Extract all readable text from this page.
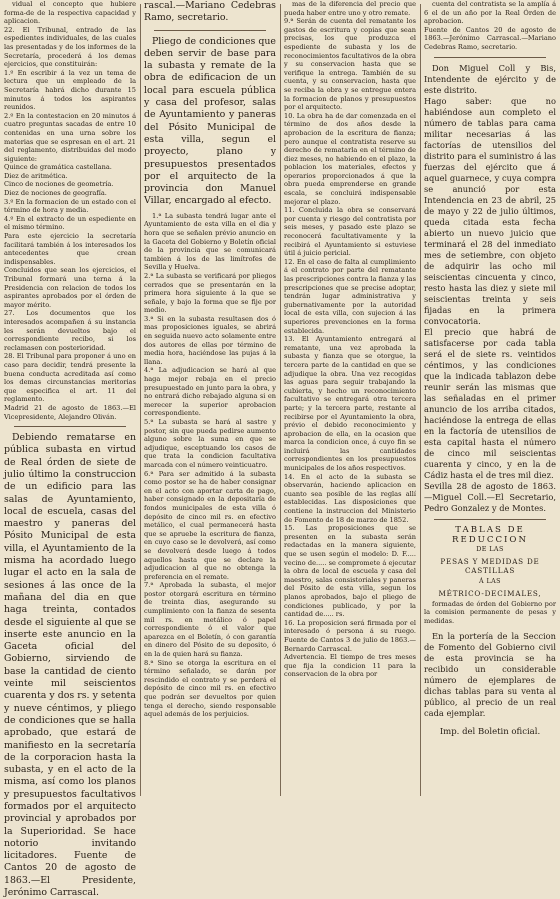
vidual el concepto que hubiere forma-de de la respectiva capacidad y aplicacion.
22. El Tribunal, entrado de las espedientes individuales, de las cuales las presentadas y de los informes de la Secretaría, procederá á los demas ejercicios, que constituirán:
1.º En escribir á la vez un tema de lectura que un empleado de la Secretaría habrá dicho durante 15 minutos á todos los aspirantes reunidos.
2.º En la contestacion en 20 minutos á cuatro preguntas sacadas de entre 10 contenidas en una urna sobre los materias que se espresan en el art. 21 del reglamento, distribuidas del modo siguiente:
Quince de gramática castellana.
Diez de aritmética.
Cinco de nociones de geometría.
Diez de nociones de geografía.
3.º En la formacion de un estado con el término de hora y media.
4.º En el extracto de un espediente en el mismo término.
Para este ejercicio la secretaría facilitará también á los interesados los antecedentes que crean indispensables.
Concluidos que sean los ejercicios, el Tribunal formará una terna á la Presidencia con relacion de todos los aspirantes aprobados por el órden de mayor mérito.
27. Los documentos que los interesados acompañen á su instancia les serán devueltos bajo el correspondiente recibo, si los reclamasen con posterioridad.
28. El Tribunal para proponer á uno en caso para decidir, tendrá presente la buena conducta acreditada así como los demas circunstancias meritorias que especifica el art. 11 del reglamento.
Madrid 21 de agosto de 1863.—El Vicepresidente, Alejandro Oliván.

Debiendo rematarse en pública subasta en virtud de Real órden de siete de julio último la construccion de un edificio para las salas de Ayuntamiento, local de escuela, casas del maestro y paneras del Pósito Municipal de esta villa, el Ayuntamiento de la misma ha acordado luego lugar el acto en la sala de sesiones á las once de la mañana del dia en que haga treinta, contados desde el siguiente al que se inserte este anuncio en la Gaceta oficial del Gobierno, sirviendo de base la cantidad de ciento veinte mil seiscientos cuarenta y dos rs. y setenta y nueve céntimos, y pliego de condiciones que se halla aprobado, que estará de manifiesto en la secretaría de la corporacion hasta la subasta, y en el acto de la misma, así como los planos y presupuestos facultativos formados por el arquitecto provincial y aprobados por la Superioridad. Se hace notorio invitando licitadores. Fuente de Cantos 20 de agosto de 1863.—El Presidente, Jerónimo Carrascal.

rascal.—Mariano Cedebras Ramo, secretario.

Pliego de condiciones que deben servir de base para la subasta y remate de la obra de edificacion de un local para escuela pública y casa del profesor, salas de Ayuntamiento y paneras del Pósito Municipal de esta villa, segun el proyecto, plano y presupuestos presentados por el arquitecto de la provincia don Manuel Villar, encargado al efecto.

1.ª La subasta tendrá lugar ante el Ayuntamiento de esta villa en el dia y hora que se señalen prévio anuncio en la Gaceta del Gobierno y Boletín oficial de la provincia que se comunicará tambien á los de las limítrofes de Sevilla y Huelva.
2.ª La subasta se verificará por pliegos cerrados que se presentarán en la primera hora siguiente á la que se señale, y bajo la forma que se fije por medio.
3.ª Si en la subasta resultasen dos ó mas proposiciones iguales, se abrirá en seguida nuevo acto solamente entre dos autores de ellas por término de media hora, haciéndose las pujas á la llana.
4.ª La adjudicacion se hará al que haga mejor rebaja en el precio presupuestado en junto para la obra, y no entrará dicho rebajado alguna si en merecer la superior aprobacion correspondiente.
5.ª La subasta se hará al sastre y postor, sin que pueda pedirse aumento alguno sobre la suma en que se adjudique, esceptuando los casos de que trata la condicion facultativa marcada con el número veinticuatro.
6.ª Para ser admitido á la subasta como postor se ha de haber consignar en el acto con aportar carta de pago, haber consignado en la depositaría de fondos municipales de esta villa ó depósito de cinco mil rs. en efectivo metálico, el cual permanecerá hasta que se apruebe la escritura de fianza, en cuyo caso se le devolverá, así como se devolverá desde luego á todos aquellos hasta que se declare la adjudicacion al que no obtenga la preferencia en el remate.
7.ª Aprobada la subasta, el mejor postor otorgará escritura en término de treinta dias, asegurando su cumplimiento con la fianza de sesenta mil rs. en metálico ó papel correspondiente ó el valor que aparezca en el Boletín, ó con garantía en dinero del Pósito de su deposito, ó en la de quien hará su fianza.
8.ª Sino se otorga la escritura en el término señalado, se darán por rescindido el contrato y se perderá el depósito de cinco mil rs. en efectivo que podrán ser devueltos por quien tenga el derecho, siendo responsable aquel además de los perjuicios.

mas de la diferencia del precio que pueda haber entre uno y otro remate.
9.ª Serán de cuenta del rematante los gastos de escritura y copias que sean precisas, los que produzca el espediente de subasta y los de reconocimientos facultativos de la obra y su conservacion hasta que se verifique la entrega. También de su cuenta, y su conservacion, hasta que se reciba la obra y se entregue entera la formacion de planos y presupuestos por el arquitecto.
10. La obra ha de dar comenzada en el término de dos años desde la aprobacion de la escritura de fianza; pero aunque el contratista reserve su derecho de rematarla en el término de diez meses, no habiendo en el plazo, la poblacion los materiales, efectos y operarios proporcionados á que la obra pueda emprenderse en grande escala, se concluirá indispensable mejorar el plazo.
11. Concluida la obra se conservará por cuenta y riesgo del contratista por seis meses, y pasado este plazo se reconocerá facultativamente y la recibirá el Ayuntamiento si estuviese útil á juicio pericial.
12. En el caso de falta al cumplimiento á el contrato por parte del rematante las prescripciones contra la fianza y las prescripciones que se precise adoptar, tendrán lugar administrativa y gubernativamente por la autoridad local de esta villa, con sujecion á las superiores prevenciones en la forma establecida.
13. El Ayuntamiento entregará al rematante, una vez aprobada la subasta y fianza que se otorgue, la tercera parte de la cantidad en que se adjudique la obra. Una vez recogidas las aguas para seguir trabajando la cubierta, y hecho un reconocimiento facultativo se entregará otra tercera parte; y la tercera parte, restante al recibirse por el Ayuntamiento la obra, prévio el debido reconocimiento y aprobacion de ella, en la ocasion que marca la condicion once, á cuyo fin se incluirá las cantidades correspondientes en los presupuestos municipales de los años respectivos.
14. En el acto de la subasta se observarán, haciendo aplicacion en cuanto sea posible de las reglas allí establecidas. Las disposiciones que contiene la instruccion del Ministerio de Fomento de 18 de marzo de 1852.
15. Las proposiciones que se presenten en la subasta serán redactadas en la manera siguiente, que se usen según el modelo: D. F..... vecino de..... se compromete á ejecutar la obra de local de escuela y casa del maestro, salas consistoriales y paneras del Pósito de esta villa, segun los planos aprobados, bajo el pliego de condiciones publicado, y por la cantidad de..... rs.
16. La proposicion será firmada por el interesado ó persona á su ruego. Fuente de Cantos 3 de julio de 1863.—Bernardo Carrascal.
Advertencia. El tiempo de tres meses que fija la condicion 11 para la conservacion de la obra por

cuenta del contratista se la amplía á 6 el de un año por la Real Órden de aprobacion.
Fuente de Cantos 20 de agosto de 1863.—Jerónimo Carrascal.—Mariano Cedebras Ramo, secretario.

Don Miguel Coll y Bis, Intendente de ejército y de este distrito.
Hago saber: que no habiéndose aun completo el número de tablas para cama militar necesarias á las factorías de utensilios del distrito para el suministro á las fuerzas del ejército que á aquel guarnece, y cuya compra se anunció por esta Intendencia en 23 de abril, 25 de mayo y 22 de julio últimos, queda citada esta fecha abierto un nuevo juicio que terminará el 28 del inmediato mes de setiembre, con objeto de adquirir las ocho mil seiscientas cincuenta y cinco, resto hasta las diez y siete mil seiscientas treinta y seis fijadas en la primera convocatoria.
El precio que habrá de satisfacerse por cada tabla será el de siete rs. veintidos céntimos, y las condiciones que la indicada tablazon debe reunir serán las mismas que las señaladas en el primer anuncio de los arriba citados, haciéndose la entrega de ellas en la factoría de utensilios de esta capital hasta el número de cinco mil seiscientas cuarenta y cinco, y en la de Cádiz hasta el de tres mil diez.
Sevilla 28 de agosto de 1863.—Miguel Coll.—El Secretario, Pedro Gonzalez y de Montes.

TABLAS DE REDUCCION
DE LAS
PESAS Y MEDIDAS DE CASTILLAS
Á LAS
MÉTRICO-DECIMALES,

formadas de órden del Gobierno por la comision permanente de pesas y medidas.

En la portería de la Seccion de Fomento del Gobierno civil de esta provincia se ha recibido un considerable número de ejemplares de dichas tablas para su venta al público, al precio de un real cada ejemplar.

Imp. del Boletin oficial.
